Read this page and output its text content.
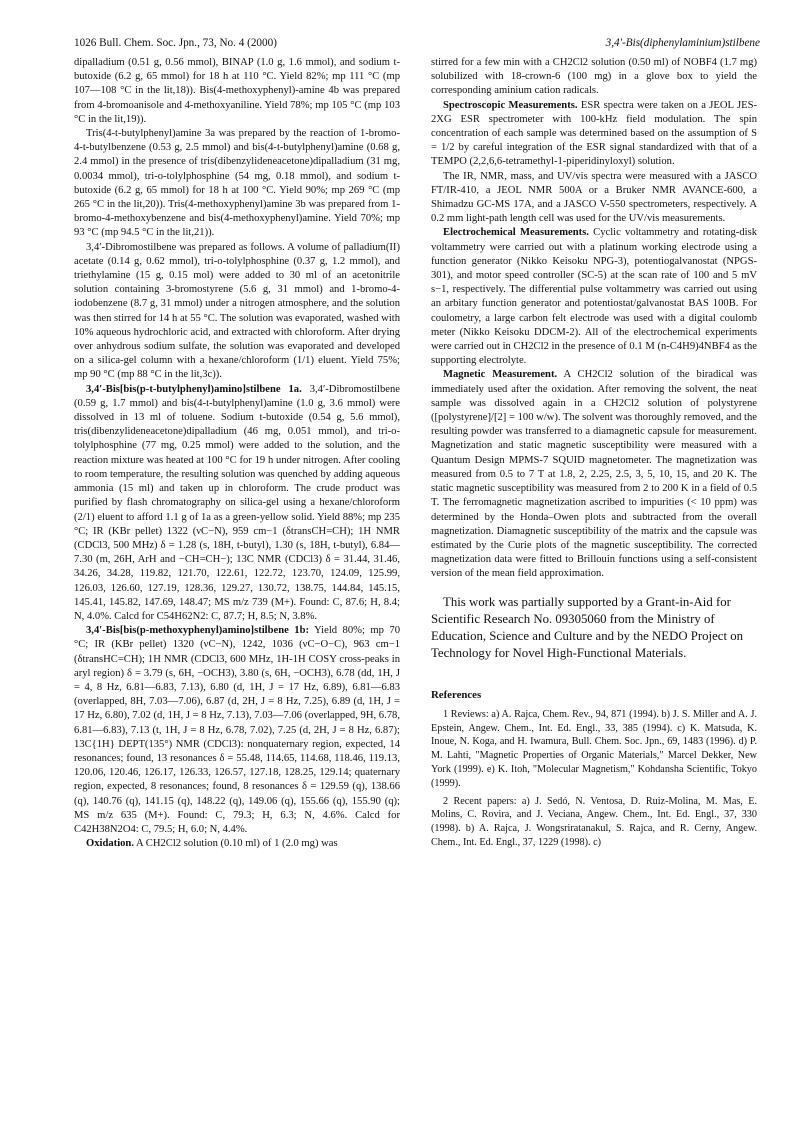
1026 Bull. Chem. Soc. Jpn., 73, No. 4 (2000)	3,4′-Bis(diphenylaminium)stilbene

dipalladium (0.51 g, 0.56 mmol), BINAP (1.0 g, 1.6 mmol), and sodium t-butoxide (6.2 g, 65 mmol) for 18 h at 110 °C. Yield 82%; mp 111 °C (mp 107—108 °C in the lit,18)). Bis(4-methoxyphenyl)-amine 4b was prepared from 4-bromoanisole and 4-methoxyaniline. Yield 78%; mp 105 °C (mp 103 °C in the lit,19)).

Tris(4-t-butylphenyl)amine 3a was prepared by the reaction of 1-bromo-4-t-butylbenzene (0.53 g, 2.5 mmol) and bis(4-t-butylphenyl)amine (0.68 g, 2.4 mmol) in the presence of tris(dibenzylideneacetone)dipalladium (31 mg, 0.0034 mmol), tri-o-tolylphosphine (54 mg, 0.18 mmol), and sodium t-butoxide (6.2 g, 65 mmol) for 18 h at 100 °C. Yield 90%; mp 269 °C (mp 265 °C in the lit,20)). Tris(4-methoxyphenyl)amine 3b was prepared from 1-bromo-4-methoxybenzene and bis(4-methoxyphenyl)amine. Yield 70%; mp 93 °C (mp 94.5 °C in the lit,21)).

3,4′-Dibromostilbene was prepared as follows. A volume of palladium(II) acetate (0.14 g, 0.62 mmol), tri-o-tolylphosphine (0.37 g, 1.2 mmol), and triethylamine (15 g, 0.15 mol) were added to 30 ml of an acetonitrile solution containing 3-bromostyrene (5.6 g, 31 mmol) and 1-bromo-4-iodobenzene (8.7 g, 31 mmol) under a nitrogen atmosphere, and the solution was then stirred for 14 h at 55 °C. The solution was evaporated, washed with 10% aqueous hydrochloric acid, and extracted with chloroform. After drying over anhydrous sodium sulfate, the solution was evaporated and developed on a silica-gel column with a hexane/chloroform (1/1) eluent. Yield 75%; mp 90 °C (mp 88 °C in the lit,3c)).

3,4′-Bis[bis(p-t-butylphenyl)amino]stilbene 1a. 3,4′-Dibromostilbene (0.59 g, 1.7 mmol) and bis(4-t-butylphenyl)amine (1.0 g, 3.6 mmol) were dissolved in 13 ml of toluene. Sodium t-butoxide (0.54 g, 5.6 mmol), tris(dibenzylideneacetone)dipalladium (46 mg, 0.051 mmol), and tri-o-tolylphosphine (77 mg, 0.25 mmol) were added to the solution, and the reaction mixture was heated at 100 °C for 19 h under nitrogen. After cooling to room temperature, the resulting solution was quenched by adding aqueous ammonia (15 ml) and taken up in chloroform. The crude product was purified by flash chromatography on silica-gel using a hexane/chloroform (2/1) eluent to afford 1.1 g of 1a as a green-yellow solid. Yield 88%; mp 235 °C; IR (KBr pellet) 1322 (νC−N), 959 cm−1 (δtransCH=CH); 1H NMR (CDCl3, 500 MHz) δ = 1.28 (s, 18H, t-butyl), 1.30 (s, 18H, t-butyl), 6.84—7.30 (m, 26H, ArH and −CH=CH−); 13C NMR (CDCl3) δ = 31.44, 31.46, 34.26, 34.28, 119.82, 121.70, 122.61, 122.72, 123.70, 124.09, 125.99, 126.03, 126.60, 127.19, 128.36, 129.27, 130.72, 138.75, 144.84, 145.15, 145.41, 145.82, 147.69, 148.47; MS m/z 739 (M+). Found: C, 87.6; H, 8.4; N, 4.0%. Calcd for C54H62N2: C, 87.7; H, 8.5; N, 3.8%.

3,4′-Bis[bis(p-methoxyphenyl)amino]stilbene 1b: Yield 80%; mp 70 °C; IR (KBr pellet) 1320 (νC−N), 1242, 1036 (νC−O−C), 963 cm−1 (δtransHC=CH); 1H NMR (CDCl3, 600 MHz, 1H-1H COSY cross-peaks in aryl region) δ = 3.79 (s, 6H, −OCH3), 3.80 (s, 6H, −OCH3), 6.78 (dd, 1H, J = 4, 8 Hz, 6.81—6.83, 7.13), 6.80 (d, 1H, J = 17 Hz, 6.89), 6.81—6.83 (overlapped, 8H, 7.03—7.06), 6.87 (d, 2H, J = 8 Hz, 7.25), 6.89 (d, 1H, J = 17 Hz, 6.80), 7.02 (d, 1H, J = 8 Hz, 7.13), 7.03—7.06 (overlapped, 9H, 6.78, 6.81—6.83), 7.13 (t, 1H, J = 8 Hz, 6.78, 7.02), 7.25 (d, 2H, J = 8 Hz, 6.87); 13C{1H} DEPT(135°) NMR (CDCl3): nonquaternary region, expected, 14 resonances; found, 13 resonances δ = 55.48, 114.65, 114.68, 118.46, 119.13, 120.06, 120.46, 126.17, 126.33, 126.57, 127.18, 128.25, 129.14; quaternary region, expected, 8 resonances; found, 8 resonances δ = 129.59 (q), 138.66 (q), 140.76 (q), 141.15 (q), 148.22 (q), 149.06 (q), 155.66 (q), 155.90 (q); MS m/z 635 (M+). Found: C, 79.3; H, 6.3; N, 4.6%. Calcd for C42H38N2O4: C, 79.5; H, 6.0; N, 4.4%.

Oxidation. A CH2Cl2 solution (0.10 ml) of 1 (2.0 mg) was

stirred for a few min with a CH2Cl2 solution (0.50 ml) of NOBF4 (1.7 mg) solubilized with 18-crown-6 (100 mg) in a glove box to yield the corresponding aminium cation radicals.

Spectroscopic Measurements. ESR spectra were taken on a JEOL JES-2XG ESR spectrometer with 100-kHz field modulation. The spin concentration of each sample was determined based on the assumption of S = 1/2 by careful integration of the ESR signal standardized with that of a TEMPO (2,2,6,6-tetramethyl-1-piperidinyloxyl) solution.

The IR, NMR, mass, and UV/vis spectra were measured with a JASCO FT/IR-410, a JEOL NMR 500A or a Bruker NMR AVANCE-600, a Shimadzu GC-MS 17A, and a JASCO V-550 spectrometers, respectively. A 0.2 mm light-path length cell was used for the UV/vis measurements.

Electrochemical Measurements. Cyclic voltammetry and rotating-disk voltammetry were carried out with a platinum working electrode using a function generator (Nikko Keisoku NPG-3), potentiogalvanostat (NPGS-301), and motor speed controller (SC-5) at the scan rate of 100 and 5 mV s−1, respectively. The differential pulse voltammetry was carried out using an arbitary function generator and potentiostat/galvanostat BAS 100B. For coulometry, a large carbon felt electrode was used with a digital coulomb meter (Nikko Keisoku DDCM-2). All of the electrochemical experiments were carried out in CH2Cl2 in the presence of 0.1 M (n-C4H9)4NBF4 as the supporting electrolyte.

Magnetic Measurement. A CH2Cl2 solution of the biradical was immediately used after the oxidation. After removing the solvent, the neat sample was dissolved again in a CH2Cl2 solution of polystyrene ([polystyrene]/[2] = 100 w/w). The solvent was thoroughly removed, and the resulting powder was transferred to a diamagnetic capsule for measurement. Magnetization and static magnetic susceptibility were measured with a Quantum Design MPMS-7 SQUID magnetometer. The magnetization was measured from 0.5 to 7 T at 1.8, 2, 2.25, 2.5, 3, 5, 10, 15, and 20 K. The static magnetic susceptibility was measured from 2 to 200 K in a field of 0.5 T. The ferromagnetic magnetization ascribed to impurities (< 10 ppm) was determined by the Honda–Owen plots and subtracted from the overall magnetization. Diamagnetic susceptibility of the matrix and the capsule was estimated by the Curie plots of the magnetic susceptibility. The corrected magnetization data were fitted to Brillouin functions using a self-consistent version of the mean field approximation.

This work was partially supported by a Grant-in-Aid for Scientific Research No. 09305060 from the Ministry of Education, Science and Culture and by the NEDO Project on Technology for Novel High-Functional Materials.

References

1 Reviews: a) A. Rajca, Chem. Rev., 94, 871 (1994). b) J. S. Miller and A. J. Epstein, Angew. Chem., Int. Ed. Engl., 33, 385 (1994). c) K. Matsuda, K. Inoue, N. Koga, and H. Iwamura, Bull. Chem. Soc. Jpn., 69, 1483 (1996). d) P. M. Lahti, "Magnetic Properties of Organic Materials," Marcel Dekker, New York (1999). e) K. Itoh, "Molecular Magnetism," Kohdansha Scientific, Tokyo (1999).

2 Recent papers: a) J. Sedó, N. Ventosa, D. Ruiz-Molina, M. Mas, E. Molins, C. Rovira, and J. Veciana, Angew. Chem., Int. Ed. Engl., 37, 330 (1998). b) A. Rajca, J. Wongsriratanakul, S. Rajca, and R. Cerny, Angew. Chem., Int. Ed. Engl., 37, 1229 (1998). c)
